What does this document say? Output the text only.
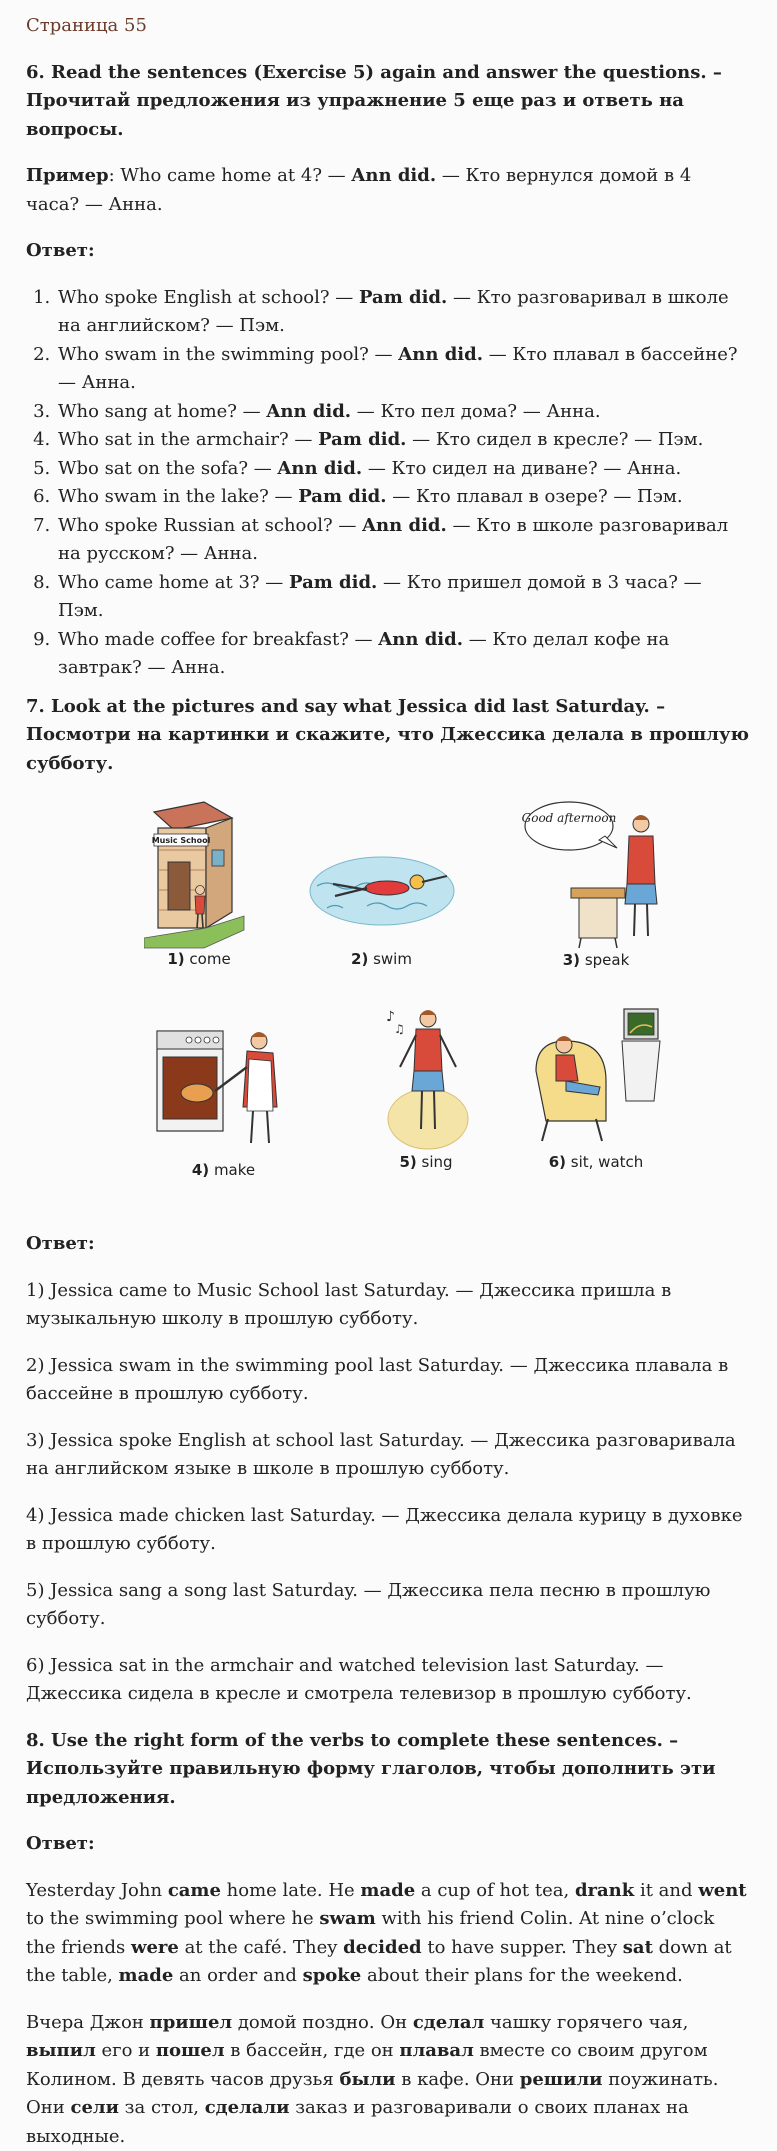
Страница 55
6. Read the sentences (Exercise 5) again and answer the questions. – Прочитай предложения из упражнение 5 еще раз и ответь на вопросы.

Пример: Who came home at 4? — Ann did. — Кто вернулся домой в 4 часа? — Анна.

Ответ:

1. Who spoke English at school? — Pam did. — Кто разговаривал в школе на английском? — Пэм.
2. Who swam in the swimming pool? — Ann did. — Кто плавал в бассейне? — Анна.
3. Who sang at home? — Ann did. — Кто пел дома? — Анна.
4. Who sat in the armchair? — Pam did. — Кто сидел в кресле? — Пэм.
5. Wbo sat on the sofa? — Ann did. — Кто сидел на диване? — Анна.
6. Who swam in the lake? — Pam did. — Кто плавал в озере? — Пэм.
7. Who spoke Russian at school? — Ann did. — Кто в школе разговаривал на русском? — Анна.
8. Who came home at 3? — Pam did. — Кто пришел домой в 3 часа? — Пэм.
9. Who made coffee for breakfast? — Ann did. — Кто делал кофе на завтрак? — Анна.
7. Look at the pictures and say what Jessica did last Saturday. – Посмотри на картинки и скажите, что Джессика делала в прошлую субботу.
Music School
1) come	2) swim
Good afternoon
3) speak
4) make
♪
♫
5) sing	6) sit, watch

Ответ:

1) Jessica came to Music School last Saturday. — Джессика пришла в музыкальную школу в прошлую субботу.

2) Jessica swam in the swimming pool last Saturday. — Джессика плавала в бассейне в прошлую субботу.

3) Jessica spoke English at school last Saturday. — Джессика разговаривала на английском языке в школе в прошлую субботу.

4) Jessica made chicken last Saturday. — Джессика делала курицу в духовке в прошлую субботу.

5) Jessica sang a song last Saturday. — Джессика пела песню в прошлую субботу.

6) Jessica sat in the armchair and watched television last Saturday. — Джессика сидела в кресле и смотрела телевизор в прошлую субботу.

8. Use the right form of the verbs to complete these sentences. – Используйте правильную форму глаголов, чтобы дополнить эти предложения.

Ответ:

Yesterday John came home late. He made a cup of hot tea, drank it and went to the swimming pool where he swam with his friend Colin. At nine o’clock the friends were at the café. They decided to have supper. They sat down at the table, made an order and spoke about their plans for the weekend.

Вчера Джон пришел домой поздно. Он сделал чашку горячего чая, выпил его и пошел в бассейн, где он плавал вместе со своим другом Колином. В девять часов друзья были в кафе. Они решили поужинать. Они сели за стол, сделали заказ и разговаривали о своих планах на выходные.
